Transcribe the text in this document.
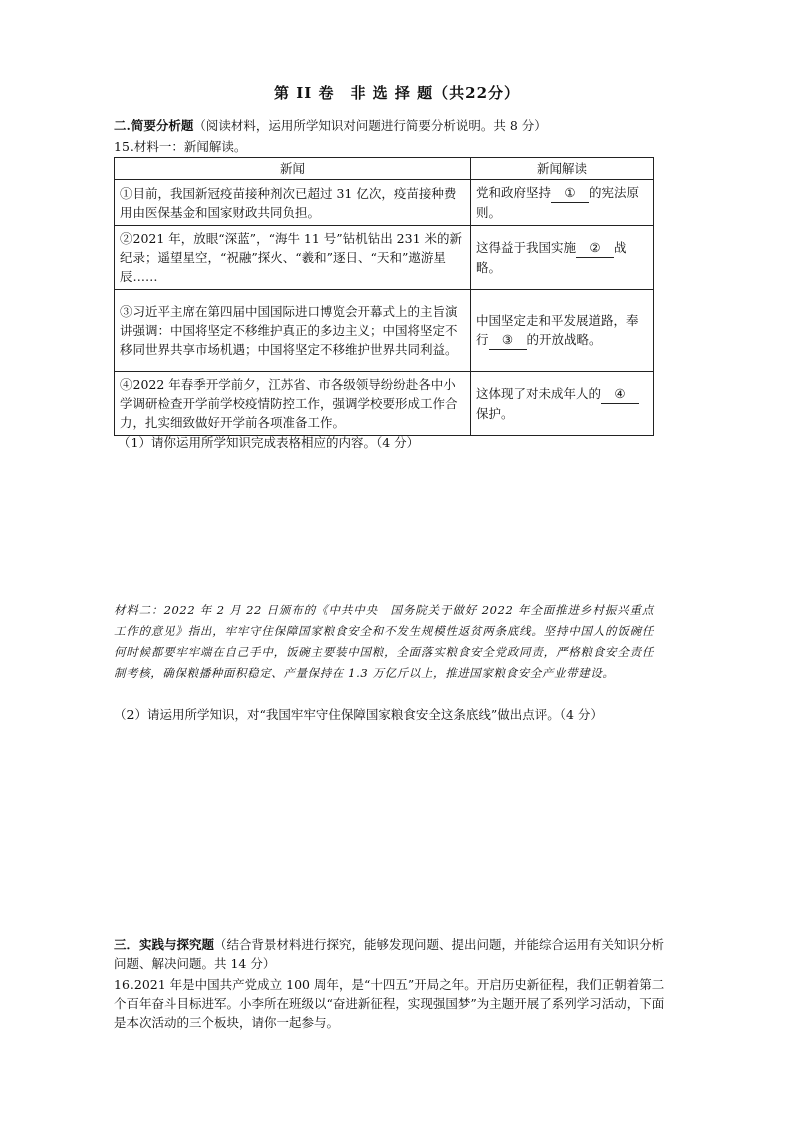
第 II 卷　非 选 择 题（共22分）
二.简要分析题（阅读材料，运用所学知识对问题进行简要分析说明。共 8 分）
15.材料一：新闻解读。
新闻	新闻解读
①目前，我国新冠疫苗接种剂次已超过 31 亿次，疫苗接种费用由医保基金和国家财政共同负担。	党和政府坚持 ① 的宪法原则。
②2021 年，放眼“深蓝”，“海牛 11 号”钻机钻出 231 米的新纪录；遥望星空，“祝融”探火、“羲和”逐日、“天和”遨游星辰……	这得益于我国实施 ② 战略。
③习近平主席在第四届中国国际进口博览会开幕式上的主旨演讲强调：中国将坚定不移维护真正的多边主义；中国将坚定不移同世界共享市场机遇；中国将坚定不移维护世界共同利益。	中国坚定走和平发展道路，奉行 ③ 的开放战略。
④2022 年春季开学前夕，江苏省、市各级领导纷纷赴各中小学调研检查开学前学校疫情防控工作，强调学校要形成工作合力，扎实细致做好开学前各项准备工作。	这体现了对未成年人的 ④保护。
（1）请你运用所学知识完成表格相应的内容。（4 分）
材料二：2022 年 2 月 22 日颁布的《中共中央　国务院关于做好 2022 年全面推进乡村振兴重点工作的意见》指出，牢牢守住保障国家粮食安全和不发生规模性返贫两条底线。坚持中国人的饭碗任何时候都要牢牢端在自己手中，饭碗主要装中国粮，全面落实粮食安全党政同责，严格粮食安全责任制考核，确保粮播种面积稳定、产量保持在 1.3 万亿斤以上，推进国家粮食安全产业带建设。
（2）请运用所学知识，对“我国牢牢守住保障国家粮食安全这条底线”做出点评。（4 分）
三．实践与探究题（结合背景材料进行探究，能够发现问题、提出问题，并能综合运用有关知识分析问题、解决问题。共 14 分）
16.2021 年是中国共产党成立 100 周年，是“十四五”开局之年。开启历史新征程，我们正朝着第二个百年奋斗目标进军。小李所在班级以“奋进新征程，实现强国梦”为主题开展了系列学习活动，下面是本次活动的三个板块，请你一起参与。
